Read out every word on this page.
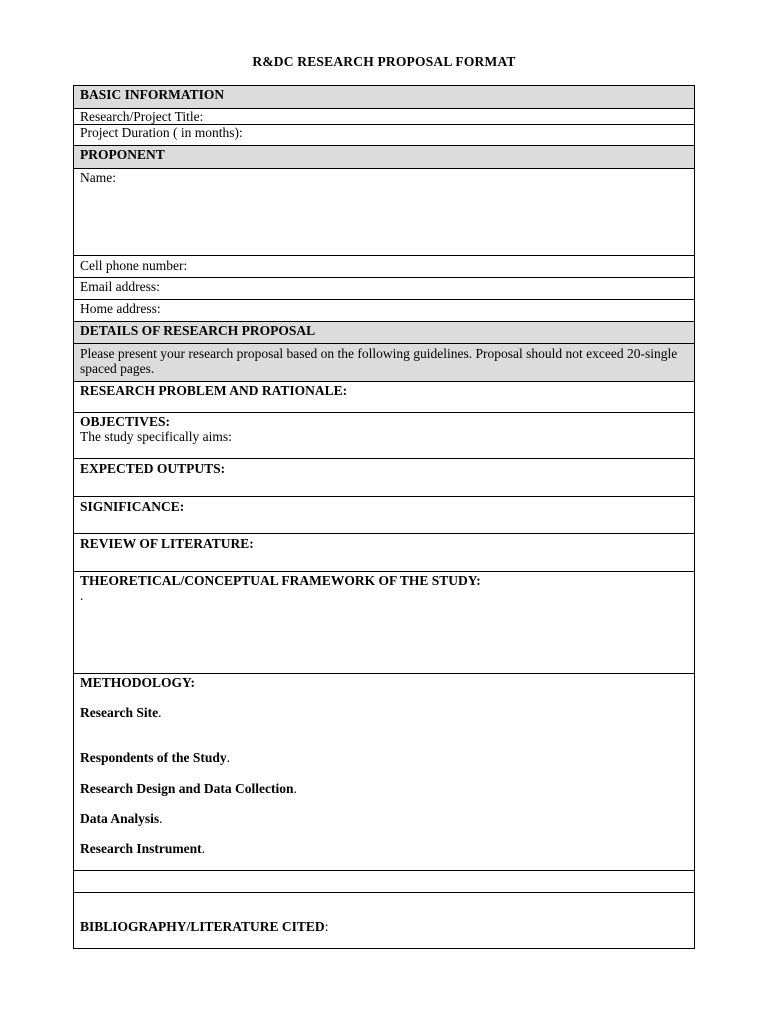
R&DC RESEARCH PROPOSAL FORMAT
BASIC INFORMATION
Research/Project Title:
Project Duration ( in months):
PROPONENT
Name:
Cell phone number:
Email address:
Home address:
DETAILS OF RESEARCH PROPOSAL
Please present your research proposal based on the following guidelines. Proposal should not exceed 20-single spaced pages.
RESEARCH PROBLEM AND RATIONALE:
OBJECTIVES:
The study specifically aims:
EXPECTED OUTPUTS:
SIGNIFICANCE:
REVIEW OF LITERATURE:
THEORETICAL/CONCEPTUAL FRAMEWORK OF THE STUDY:
.
METHODOLOGY:
Research Site.
Respondents of the Study.
Research Design and Data Collection.
Data Analysis.
Research Instrument.
BIBLIOGRAPHY/LITERATURE CITED:
